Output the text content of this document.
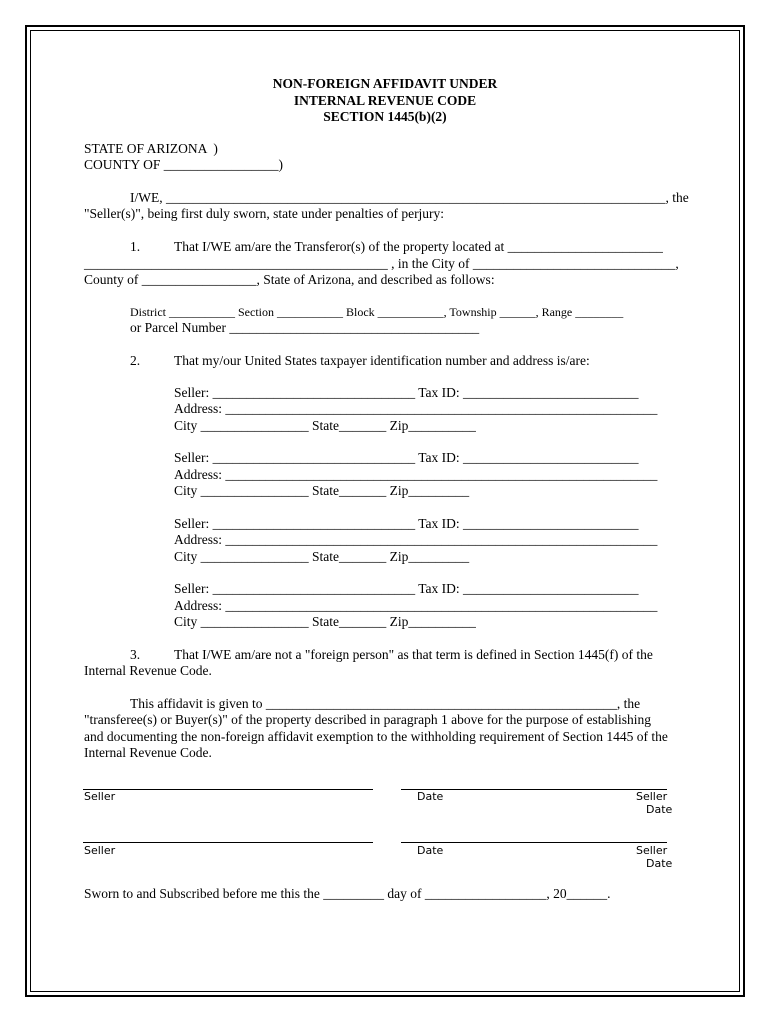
NON-FOREIGN AFFIDAVIT UNDER
INTERNAL REVENUE CODE
SECTION 1445(b)(2)
STATE OF ARIZONA  )
COUNTY OF _________________)
I/WE, __________________________________________________________________________, the
"Seller(s)", being first duly sworn, state under penalties of perjury:
1.	That I/WE am/are the Transferor(s) of the property located at _______________________
_____________________________________________ , in the City of ______________________________,
County of _________________, State of Arizona, and described as follows:
District ___________ Section ___________ Block ___________, Township ______, Range ________
or Parcel Number _____________________________________
2.	That my/our United States taxpayer identification number and address is/are:
Seller: ______________________________ Tax ID: __________________________
Address: ________________________________________________________________
City ________________ State_______ Zip__________
Seller: ______________________________ Tax ID: __________________________
Address: ________________________________________________________________
City ________________ State_______ Zip_________
Seller: ______________________________ Tax ID: __________________________
Address: ________________________________________________________________
City ________________ State_______ Zip_________
Seller: ______________________________ Tax ID: __________________________
Address: ________________________________________________________________
City ________________ State_______ Zip__________
3.	That I/WE am/are not a "foreign person" as that term is defined in Section 1445(f) of the
Internal Revenue Code.
This affidavit is given to ____________________________________________________, the
"transferee(s) or Buyer(s)" of the property described in paragraph 1 above for the purpose of establishing
and documenting the non-foreign affidavit exemption to the withholding requirement of Section 1445 of the
Internal Revenue Code.
Seller	Date	Seller
Date
Seller	Date	Seller
Date
Sworn to and Subscribed before me this the _________ day of __________________, 20______.
